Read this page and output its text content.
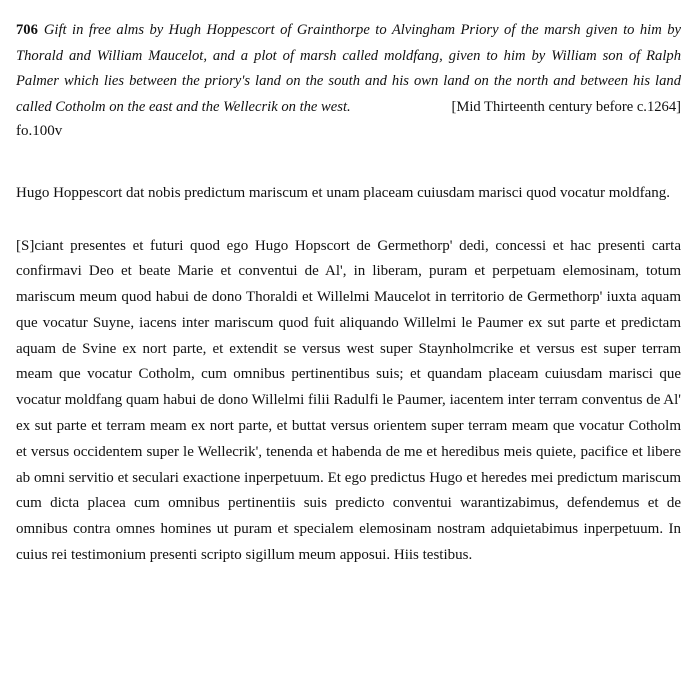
706 Gift in free alms by Hugh Hoppescort of Grainthorpe to Alvingham Priory of the marsh given to him by Thorald and William Maucelot, and a plot of marsh called moldfang, given to him by William son of Ralph Palmer which lies between the priory's land on the south and his own land on the north and between his land called Cotholm on the east and the Wellecrik on the west.	[Mid Thirteenth century before c.1264]

fo.100v

Hugo Hoppescort dat nobis predictum mariscum et unam placeam cuiusdam marisci quod vocatur moldfang.

[S]ciant presentes et futuri quod ego Hugo Hopscort de Germethorp' dedi, concessi et hac presenti carta confirmavi Deo et beate Marie et conventui de Al', in liberam, puram et perpetuam elemosinam, totum mariscum meum quod habui de dono Thoraldi et Willelmi Maucelot in territorio de Germethorp' iuxta aquam que vocatur Suyne, iacens inter mariscum quod fuit aliquando Willelmi le Paumer ex sut parte et predictam aquam de Svine ex nort parte, et extendit se versus west super Staynholmcrike et versus est super terram meam que vocatur Cotholm, cum omnibus pertinentibus suis; et quandam placeam cuiusdam marisci que vocatur moldfang quam habui de dono Willelmi filii Radulfi le Paumer, iacentem inter terram conventus de Al' ex sut parte et terram meam ex nort parte, et buttat versus orientem super terram meam que vocatur Cotholm et versus occidentem super le Wellecrik', tenenda et habenda de me et heredibus meis quiete, pacifice et libere ab omni servitio et seculari exactione inperpetuum. Et ego predictus Hugo et heredes mei predictum mariscum cum dicta placea cum omnibus pertinentiis suis predicto conventui warantizabimus, defendemus et de omnibus contra omnes homines ut puram et specialem elemosinam nostram adquietabimus inperpetuum. In cuius rei testimonium presenti scripto sigillum meum apposui. Hiis testibus.
